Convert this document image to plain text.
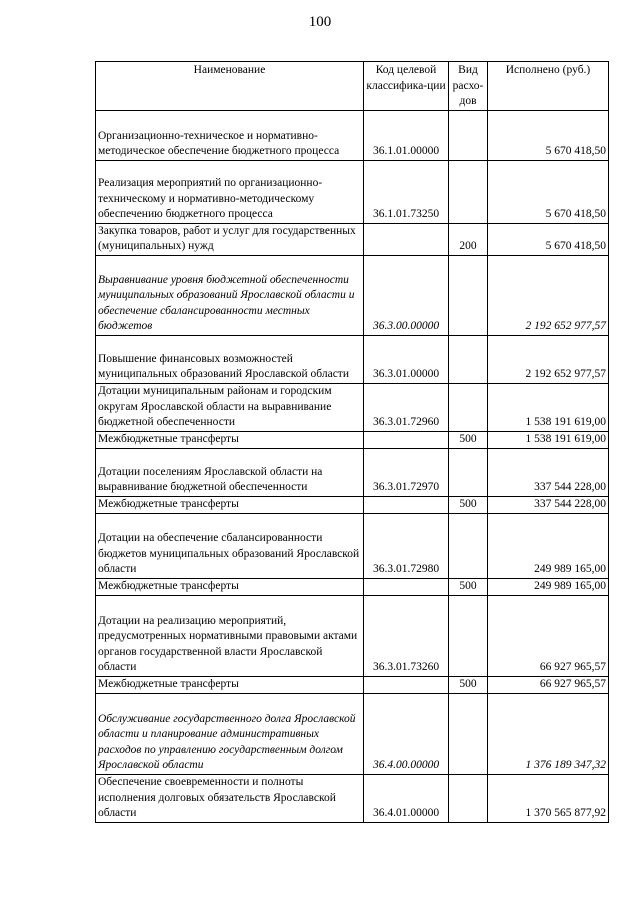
100
Наименование	Код целевой классифика-ции	Вид расхо-дов	Исполнено (руб.)
Организационно-техническое и нормативно-методическое обеспечение бюджетного процесса	36.1.01.00000		5 670 418,50
Реализация мероприятий по организационно-техническому и нормативно-методическому обеспечению бюджетного процесса	36.1.01.73250		5 670 418,50
Закупка товаров, работ и услуг для государственных (муниципальных) нужд		200	5 670 418,50
Выравнивание уровня бюджетной обеспеченности муниципальных образований Ярославской области и обеспечение сбалансированности местных бюджетов	36.3.00.00000		2 192 652 977,57
Повышение финансовых возможностей муниципальных образований Ярославской области	36.3.01.00000		2 192 652 977,57
Дотации муниципальным районам и городским округам Ярославской области на выравнивание бюджетной обеспеченности	36.3.01.72960		1 538 191 619,00
Межбюджетные трансферты		500	1 538 191 619,00
Дотации поселениям Ярославской области на выравнивание бюджетной обеспеченности	36.3.01.72970		337 544 228,00
Межбюджетные трансферты		500	337 544 228,00
Дотации на обеспечение сбалансированности бюджетов муниципальных образований Ярославской области	36.3.01.72980		249 989 165,00
Межбюджетные трансферты		500	249 989 165,00
Дотации на реализацию мероприятий, предусмотренных нормативными правовыми актами органов государственной власти Ярославской области	36.3.01.73260		66 927 965,57
Межбюджетные трансферты		500	66 927 965,57
Обслуживание государственного долга Ярославской области и планирование административных расходов по управлению государственным долгом Ярославской области	36.4.00.00000		1 376 189 347,32
Обеспечение своевременности и полноты исполнения долговых обязательств Ярославской области	36.4.01.00000		1 370 565 877,92
